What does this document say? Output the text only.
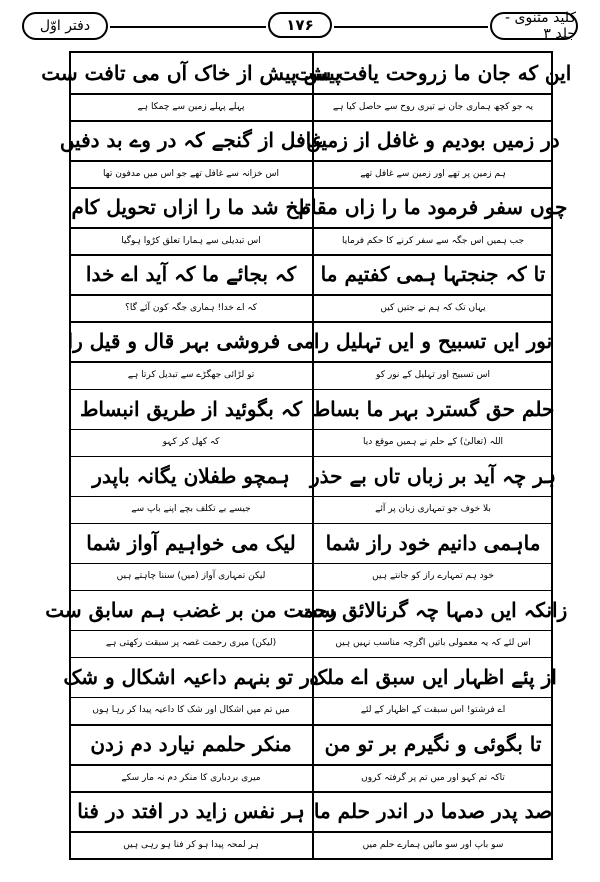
دفتر اوّل	۱۷۶	کلید مثنوی - جلد ۳
این که جان ما زروحت یافت ست
پیش پیش از خاک آں می تافت ست
یہ جو کچھ ہماری جان نے تیری روح سے حاصل کیا ہے
پہلے پہلے زمین سے چمکا ہے
در زمیں بودیم و غافل از زمیں
غافل از گنجے کہ در وے بد دفیں
ہم زمین پر تھے اور زمین سے غافل تھے
اس خزانہ سے غافل تھے جو اس میں مدفون تھا
چوں سفر فرمود ما را زاں مقام
تلخ شد ما را ازاں تحویل کام
جب ہمیں اس جگہ سے سفر کرنے کا حکم فرمایا
اس تبدیلی سے ہمارا تعلق کڑوا ہوگیا
تا کہ جنجتہا ہمی کفتیم ما
کہ بجائے ما کہ آید اے خدا
یہاں تک کہ ہم نے جتیں کیں
کہ اے خدا! ہماری جگہ کون آئے گا؟
نور ایں تسبیح و ایں تہلیل را
می فروشی بہر قال و قیل را
اس تسبیح اور تہلیل کے نور کو
تو لڑائی جھگڑے سے تبدیل کرتا ہے
حلم حق گسترد بہر ما بساط
کہ بگوئید از طریق انبساط
اللہ (تعالیٰ) کے حلم نے ہمیں موقع دیا
کہ کھل کر کہو
ہر چہ آید بر زباں تاں بے حذر
ہمچو طفلان یگانہ باپدر
بلا خوف جو تمہاری زبان پر آئے
جیسے بے تکلف بچے اپنے باپ سے
ماہمی دانیم خود راز شما
لیک می خواہیم آواز شما
خود ہم تمہارے راز کو جانتے ہیں
لیکن تمہاری آواز (میں) سننا چاہتے ہیں
زانکہ ایں دمہا چہ گرنالائق ست
رحمت من بر غضب ہم سابق ست
اس لئے کہ یہ معمولی باتیں اگرچہ مناسب نہیں ہیں
(لیکن) میری رحمت غصہ پر سبقت رکھتی ہے
از پئے اظہار ایں سبق اے ملک
در تو بنہم داعیہ اشکال و شک
اے فرشتو! اس سبقت کے اظہار کے لئے
میں تم میں اشکال اور شک کا داعیہ پیدا کر رہا ہوں
تا بگوئی و نگیرم بر تو من
منکر حلمم نیارد دم زدن
تاکہ تم کہو اور میں تم پر گرفتہ کروں
میری بردباری کا منکر دم نہ مار سکے
صد پدر صدما در اندر حلم ما
ہر نفس زاید در افتد در فنا
سو باپ اور سو مائیں ہمارے حلم میں
ہر لمحہ پیدا ہو کر فنا ہو رہی ہیں
